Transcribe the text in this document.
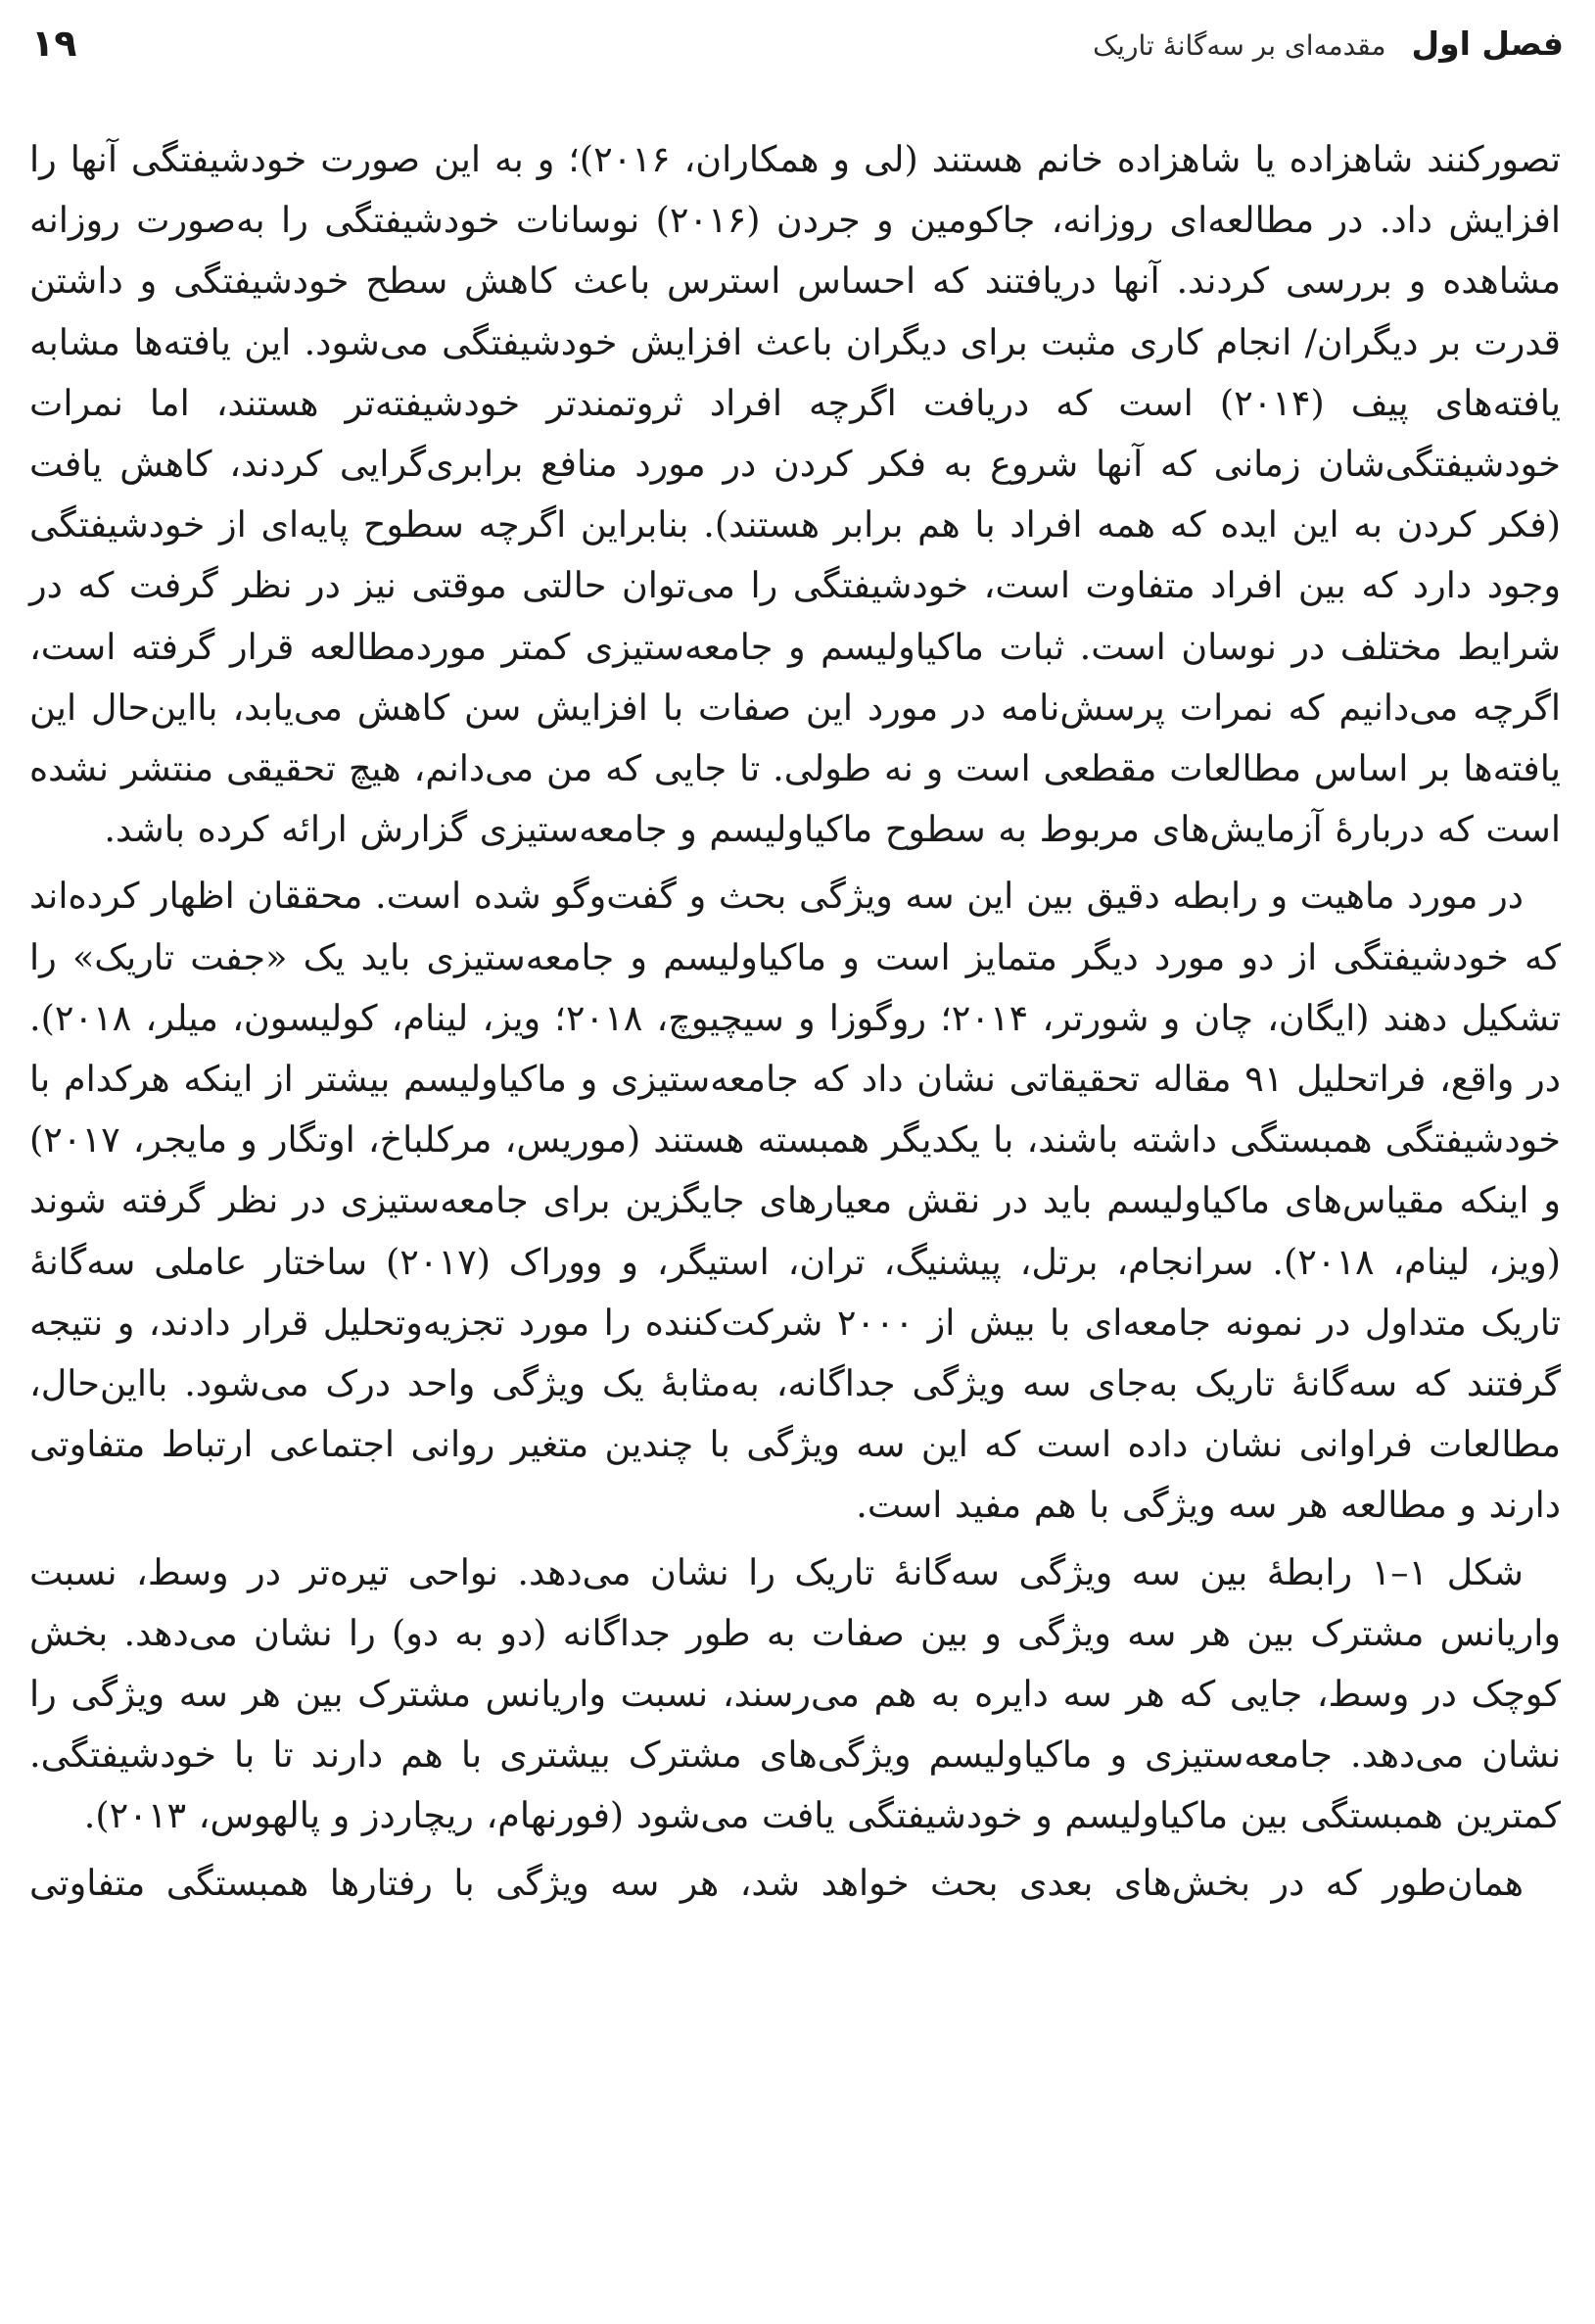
فصل اول
مقدمه‌ای بر سه‌گانۀ تاریک
۱۹

تصورکنند شاهزاده یا شاهزاده خانم هستند (لی و همکاران، ۲۰۱۶)؛ و به این صورت خودشیفتگی آنها را افزایش داد. در مطالعه‌ای روزانه، جاکومین و جردن (۲۰۱۶) نوسانات خودشیفتگی را به‌صورت روزانه مشاهده و بررسی کردند. آنها دریافتند که احساس استرس باعث کاهش سطح خودشیفتگی و داشتن قدرت بر دیگران/ انجام کاری مثبت برای دیگران باعث افزایش خودشیفتگی می‌شود. این یافته‌ها مشابه یافته‌های پیف (۲۰۱۴) است که دریافت اگرچه افراد ثروتمندتر خودشیفته‌تر هستند، اما نمرات خودشیفتگی‌شان زمانی که آنها شروع به فکر کردن در مورد منافع برابری‌گرایی کردند، کاهش یافت (فکر کردن به این ایده که همه افراد با هم برابر هستند). بنابراین اگرچه سطوح پایه‌ای از خودشیفتگی وجود دارد که بین افراد متفاوت است، خودشیفتگی را می‌توان حالتی موقتی نیز در نظر گرفت که در شرایط مختلف در نوسان است. ثبات ماکیاولیسم و جامعه‌ستیزی کمتر موردمطالعه قرار گرفته است، اگرچه می‌دانیم که نمرات پرسش‌نامه در مورد این صفات با افزایش سن کاهش می‌یابد، بااین‌حال این یافته‌ها بر اساس مطالعات مقطعی است و نه طولی. تا جایی که من می‌دانم، هیچ تحقیقی منتشر نشده است که دربارۀ آزمایش‌های مربوط به سطوح ماکیاولیسم و جامعه‌ستیزی گزارش ارائه کرده باشد.

در مورد ماهیت و رابطه دقیق بین این سه ویژگی بحث و گفت‌وگو شده است. محققان اظهار کرده‌اند که خودشیفتگی از دو مورد دیگر متمایز است و ماکیاولیسم و جامعه‌ستیزی باید یک «جفت تاریک» را تشکیل دهند (ایگان، چان و شورتر، ۲۰۱۴؛ روگوزا و سیچیوچ، ۲۰۱۸؛ ویز، لینام، کولیسون، میلر، ۲۰۱۸). در واقع، فراتحلیل ۹۱ مقاله تحقیقاتی نشان داد که جامعه‌ستیزی و ماکیاولیسم بیشتر از اینکه هرکدام با خودشیفتگی همبستگی داشته باشند، با یکدیگر همبسته هستند (موریس، مرکلباخ، اوتگار و مایجر، ۲۰۱۷) و اینکه مقیاس‌های ماکیاولیسم باید در نقش معیارهای جایگزین برای جامعه‌ستیزی در نظر گرفته شوند (ویز، لینام، ۲۰۱۸). سرانجام، برتل، پیشنیگ، تران، استیگر، و ووراک (۲۰۱۷) ساختار عاملی سه‌گانۀ تاریک متداول در نمونه جامعه‌ای با بیش از ۲۰۰۰ شرکت‌کننده را مورد تجزیه‌وتحلیل قرار دادند، و نتیجه گرفتند که سه‌گانۀ تاریک به‌جای سه ویژگی جداگانه، به‌مثابۀ یک ویژگی واحد درک می‌شود. بااین‌حال، مطالعات فراوانی نشان داده است که این سه ویژگی با چندین متغیر روانی اجتماعی ارتباط متفاوتی دارند و مطالعه هر سه ویژگی با هم مفید است.

شکل ۱–۱ رابطۀ بین سه ویژگی سه‌گانۀ تاریک را نشان می‌دهد. نواحی تیره‌تر در وسط، نسبت واریانس مشترک بین هر سه ویژگی و بین صفات به طور جداگانه (دو به دو) را نشان می‌دهد. بخش کوچک در وسط، جایی که هر سه دایره به هم می‌رسند، نسبت واریانس مشترک بین هر سه ویژگی را نشان می‌دهد. جامعه‌ستیزی و ماکیاولیسم ویژگی‌های مشترک بیشتری با هم دارند تا با خودشیفتگی. کمترین همبستگی بین ماکیاولیسم و خودشیفتگی یافت می‌شود (فورنهام، ریچاردز و پالهوس، ۲۰۱۳).

همان‌طور که در بخش‌های بعدی بحث خواهد شد، هر سه ویژگی با رفتارها همبستگی متفاوتی
